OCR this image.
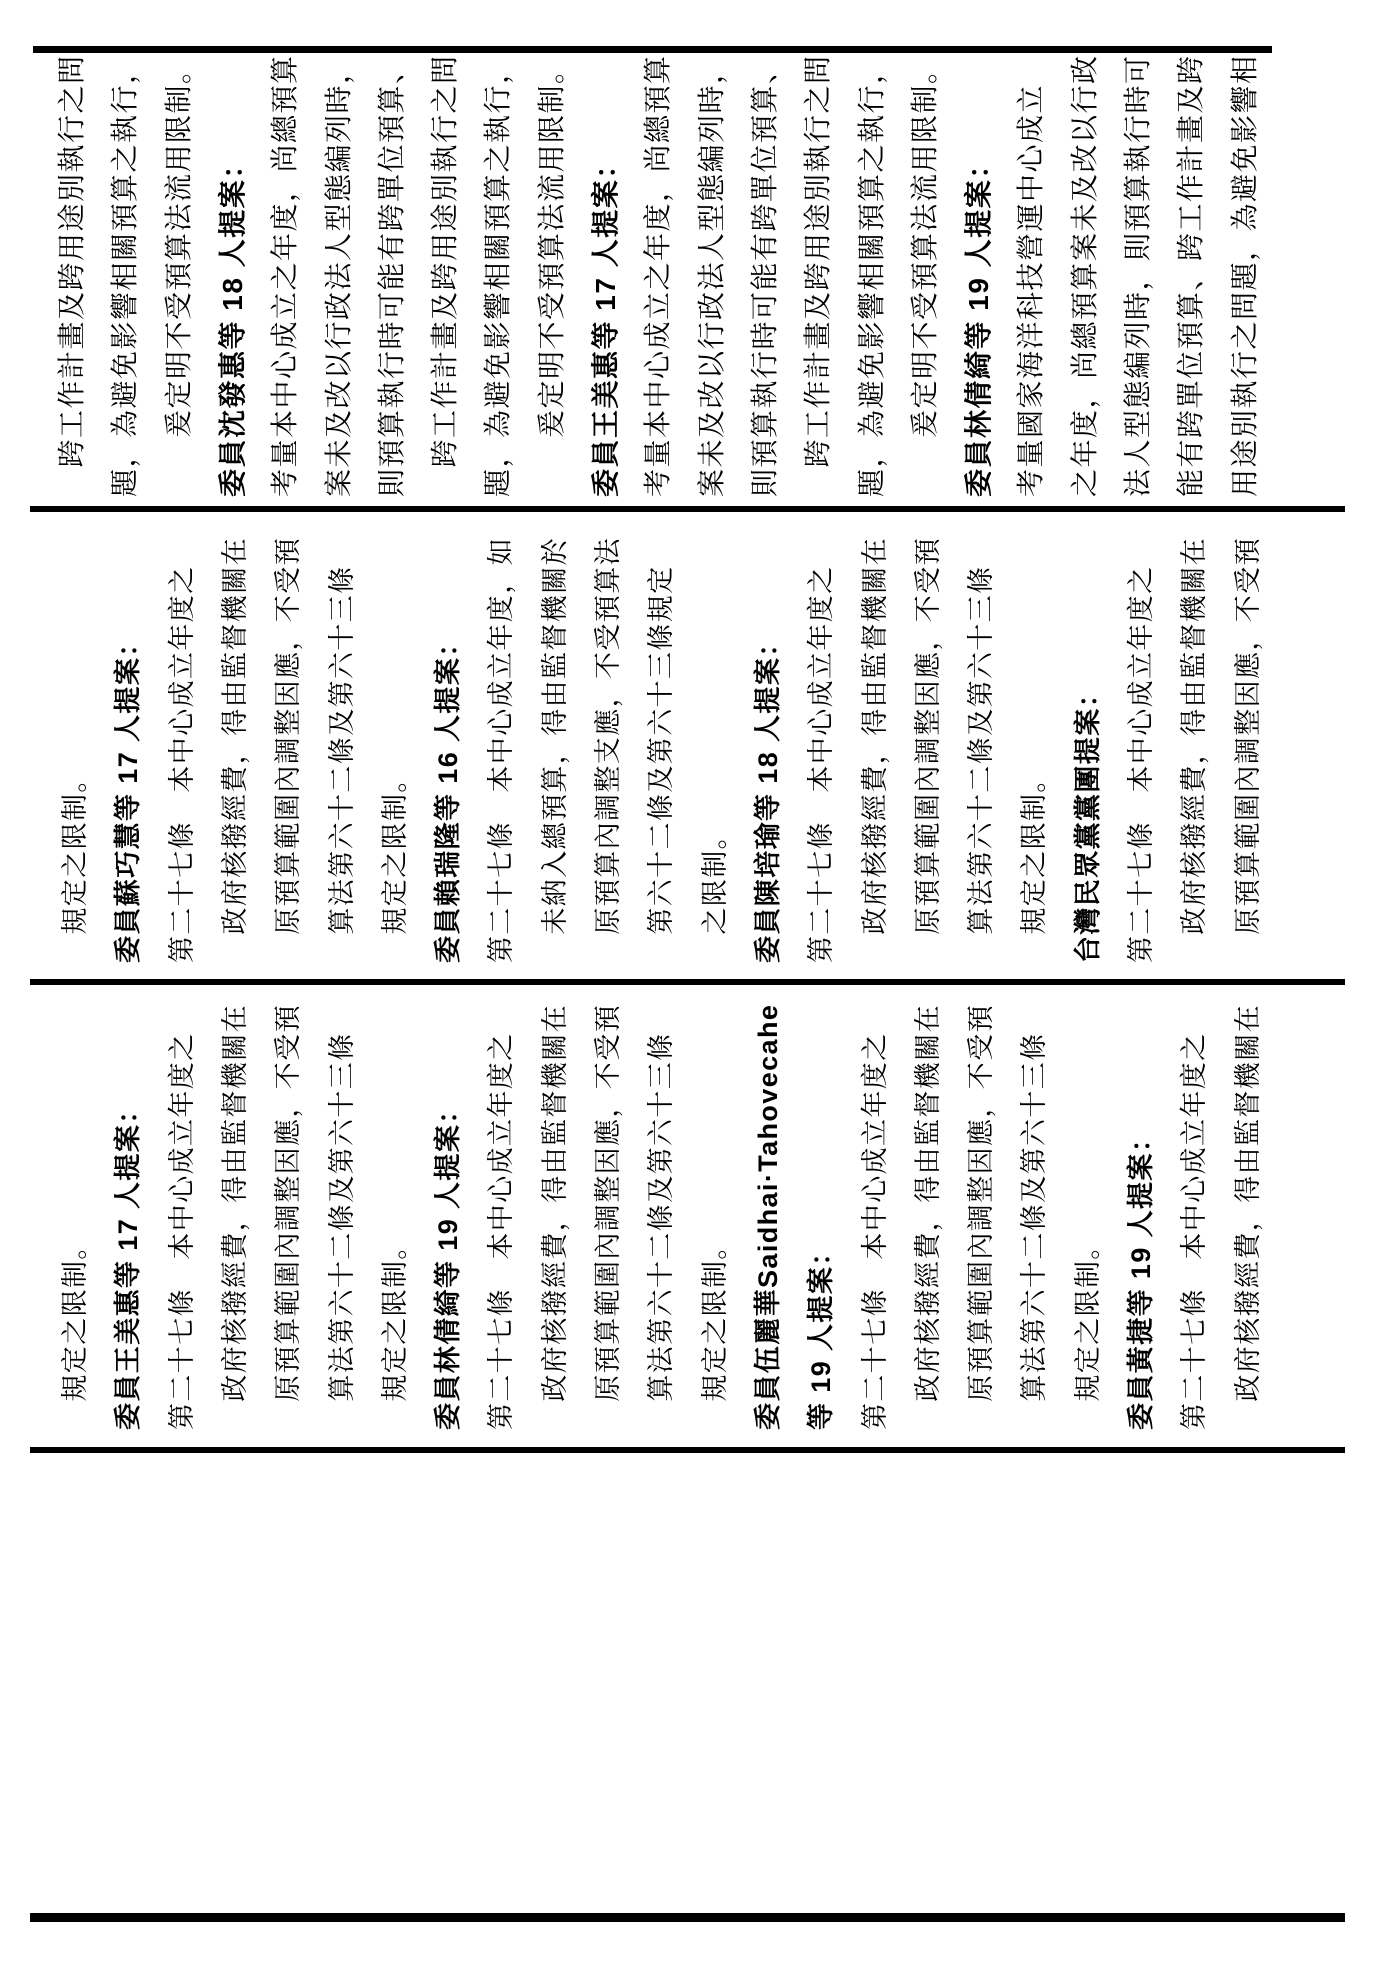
跨工作計畫及跨用途別執行之問 題，為避免影響相關預算之執行， 爰定明不受預算法流用限制。 委員沈發惠等 18 人提案： 考量本中心成立之年度，尚總預算 案未及改以行政法人型態編列時， 則預算執行時可能有跨單位預算、 跨工作計畫及跨用途別執行之問 題，為避免影響相關預算之執行， 爰定明不受預算法流用限制。 委員王美惠等 17 人提案： 考量本中心成立之年度，尚總預算 案未及改以行政法人型態編列時， 則預算執行時可能有跨單位預算、 跨工作計畫及跨用途別執行之問 題，為避免影響相關預算之執行， 爰定明不受預算法流用限制。 委員林倩綺等 19 人提案： 考量國家海洋科技營運中心成立 之年度，尚總預算案未及改以行政 法人型態編列時，則預算執行時可 能有跨單位預算、跨工作計畫及跨 用途別執行之問題，為避免影響相
規定之限制。 委員蘇巧慧等 17 人提案： 第二十七條　本中心成立年度之 政府核撥經費，得由監督機關在 原預算範圍內調整因應，不受預 算法第六十二條及第六十三條 規定之限制。 委員賴瑞隆等 16 人提案： 第二十七條　本中心成立年度，如 未納入總預算，得由監督機關於 原預算內調整支應，不受預算法 第六十二條及第六十三條規定 之限制。 委員陳培瑜等 18 人提案： 第二十七條　本中心成立年度之 政府核撥經費，得由監督機關在 原預算範圍內調整因應，不受預 算法第六十二條及第六十三條 規定之限制。 台灣民眾黨黨團提案： 第二十七條　本中心成立年度之 政府核撥經費，得由監督機關在 原預算範圍內調整因應，不受預
規定之限制。 委員王美惠等 17 人提案： 第二十七條　本中心成立年度之 政府核撥經費，得由監督機關在 原預算範圍內調整因應，不受預 算法第六十二條及第六十三條 規定之限制。 委員林倩綺等 19 人提案： 第二十七條　本中心成立年度之 政府核撥經費，得由監督機關在 原預算範圍內調整因應，不受預 算法第六十二條及第六十三條 規定之限制。 委員伍麗華Saidhai·Tahovecahe 等 19 人提案： 第二十七條　本中心成立年度之 政府核撥經費，得由監督機關在 原預算範圍內調整因應，不受預 算法第六十二條及第六十三條 規定之限制。 委員黃捷等 19 人提案： 第二十七條　本中心成立年度之 政府核撥經費，得由監督機關在
